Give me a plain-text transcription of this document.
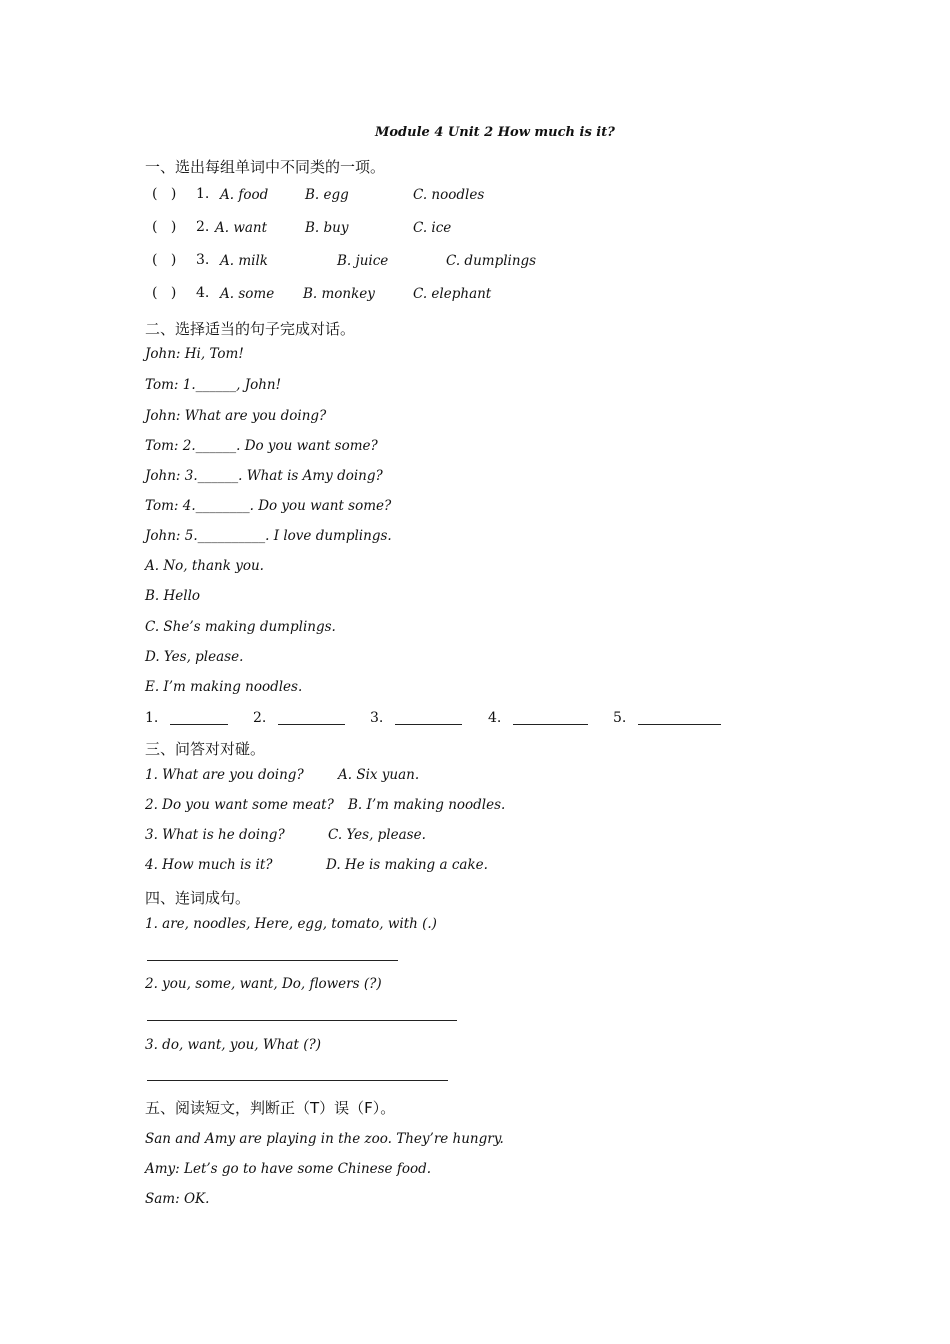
Module 4 Unit 2 How much is it?
一、选出每组单词中不同类的一项。
(   ) 1. A. food	B. egg	C. noodles
(   ) 2. A. want	B. buy	C. ice
(   ) 3. A. milk	B. juice	C. dumplings
(   ) 4. A. some B. monkey	C. elephant
二、选择适当的句子完成对话。
John: Hi, Tom!
Tom: 1.______, John!
John: What are you doing?
Tom: 2.______. Do you want some?
John: 3.______. What is Amy doing?
Tom: 4.________. Do you want some?
John: 5.__________. I love dumplings.
A. No, thank you.
B. Hello
C. She’s making dumplings.
D. Yes, please.
E. I’m making noodles.
1.	2.	3.	4.	5.
三、问答对对碰。
1. What are you doing?	A. Six yuan.
2. Do you want some meat? B. I’m making noodles.
3. What is he doing?	C. Yes, please.
4. How much is it?	D. He is making a cake.
四、连词成句。
1. are, noodles, Here, egg, tomato, with (.)
2. you, some, want, Do, flowers (?)
3. do, want, you, What (?)
五、阅读短文，判断正（T）误（F）。
San and Amy are playing in the zoo. They’re hungry.
Amy: Let’s go to have some Chinese food.
Sam: OK.
